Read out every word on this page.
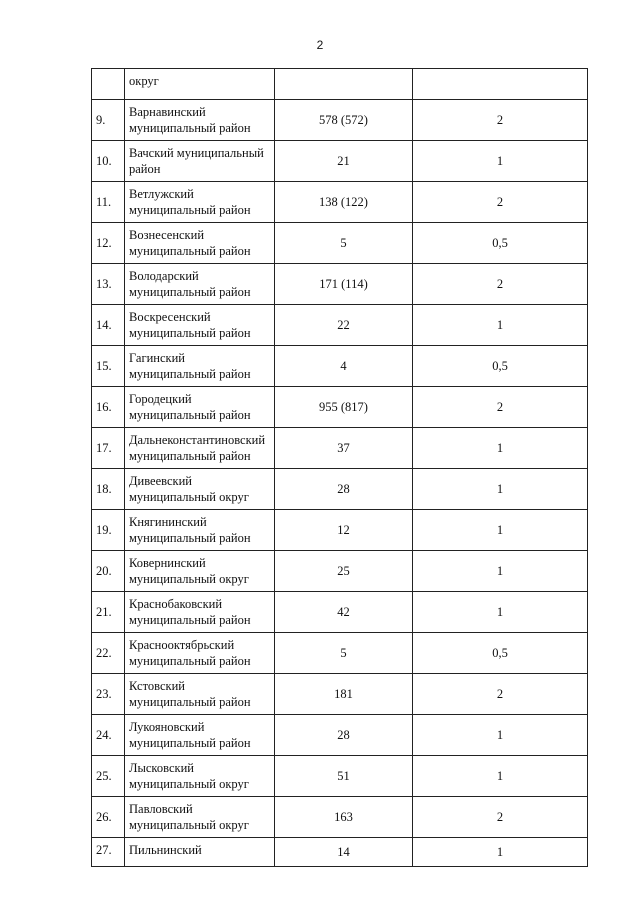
2
	округ		
9.	Варнавинский муниципальный район	578 (572)	2
10.	Вачский муниципальный район	21	1
11.	Ветлужский муниципальный район	138 (122)	2
12.	Вознесенский муниципальный район	5	0,5
13.	Володарский муниципальный район	171 (114)	2
14.	Воскресенский муниципальный район	22	1
15.	Гагинский муниципальный район	4	0,5
16.	Городецкий муниципальный район	955 (817)	2
17.	Дальнеконстантиновский муниципальный район	37	1
18.	Дивеевский муниципальный округ	28	1
19.	Княгининский муниципальный район	12	1
20.	Ковернинский муниципальный округ	25	1
21.	Краснобаковский муниципальный район	42	1
22.	Краснооктябрьский муниципальный район	5	0,5
23.	Кстовский муниципальный район	181	2
24.	Лукояновский муниципальный район	28	1
25.	Лысковский муниципальный округ	51	1
26.	Павловский муниципальный округ	163	2
27.	Пильнинский	14	1
